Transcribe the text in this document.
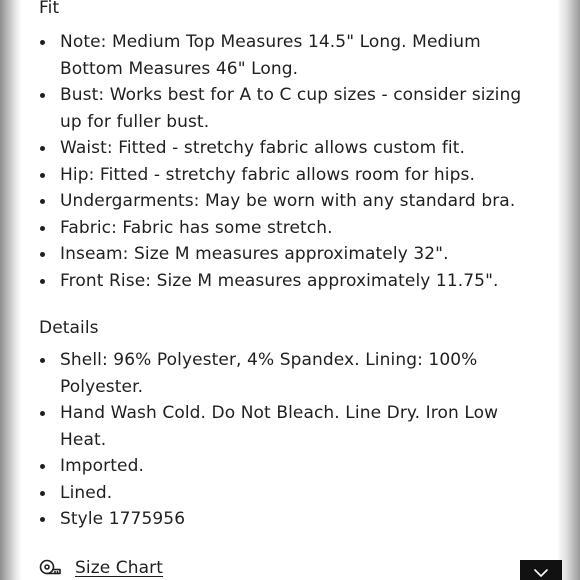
Fit
Note: Medium Top Measures 14.5" Long. Medium Bottom Measures 46" Long.
Bust: Works best for A to C cup sizes - consider sizing up for fuller bust.
Waist: Fitted - stretchy fabric allows custom fit.
Hip: Fitted - stretchy fabric allows room for hips.
Undergarments: May be worn with any standard bra.
Fabric: Fabric has some stretch.
Inseam: Size M measures approximately 32".
Front Rise: Size M measures approximately 11.75".
Details
Shell: 96% Polyester, 4% Spandex. Lining: 100% Polyester.
Hand Wash Cold. Do Not Bleach. Line Dry. Iron Low Heat.
Imported.
Lined.
Style 1775956
Size Chart
